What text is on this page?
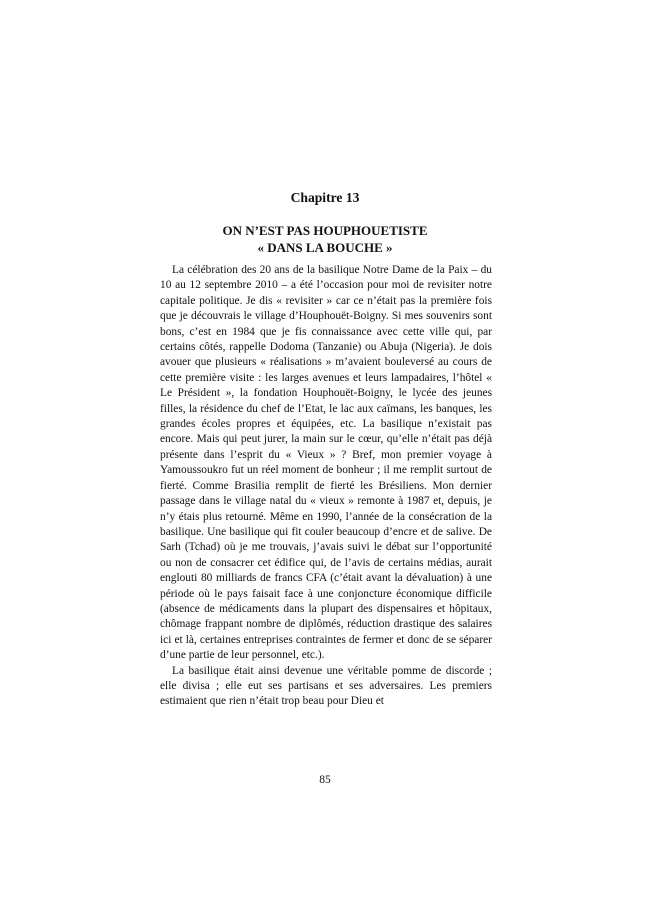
Chapitre 13
ON N’EST PAS HOUPHOUETISTE
« DANS LA BOUCHE »

La célébration des 20 ans de la basilique Notre Dame de la Paix – du 10 au 12 septembre 2010 – a été l’occasion pour moi de revisiter notre capitale politique. Je dis « revisiter » car ce n’était pas la première fois que je découvrais le village d’Houphouët-Boigny. Si mes souvenirs sont bons, c’est en 1984 que je fis connaissance avec cette ville qui, par certains côtés, rappelle Dodoma (Tanzanie) ou Abuja (Nigeria). Je dois avouer que plusieurs « réalisations » m’avaient bouleversé au cours de cette première visite : les larges avenues et leurs lampadaires, l’hôtel « Le Président », la fondation Houphouët-Boigny, le lycée des jeunes filles, la résidence du chef de l’Etat, le lac aux caïmans, les banques, les grandes écoles propres et équipées, etc. La basilique n’existait pas encore. Mais qui peut jurer, la main sur le cœur, qu’elle n’était pas déjà présente dans l’esprit du « Vieux » ? Bref, mon premier voyage à Yamoussoukro fut un réel moment de bonheur ; il me remplit surtout de fierté. Comme Brasilia remplit de fierté les Brésiliens. Mon dernier passage dans le village natal du « vieux » remonte à 1987 et, depuis, je n’y étais plus retourné. Même en 1990, l’année de la consécration de la basilique. Une basilique qui fit couler beaucoup d’encre et de salive. De Sarh (Tchad) où je me trouvais, j’avais suivi le débat sur l’opportunité ou non de consacrer cet édifice qui, de l’avis de certains médias, aurait englouti 80 milliards de francs CFA (c’était avant la dévaluation) à une période où le pays faisait face à une conjoncture économique difficile (absence de médicaments dans la plupart des dispensaires et hôpitaux, chômage frappant nombre de diplômés, réduction drastique des salaires ici et là, certaines entreprises contraintes de fermer et donc de se séparer d’une partie de leur personnel, etc.).

La basilique était ainsi devenue une véritable pomme de discorde ; elle divisa ; elle eut ses partisans et ses adversaires. Les premiers estimaient que rien n’était trop beau pour Dieu et

85
